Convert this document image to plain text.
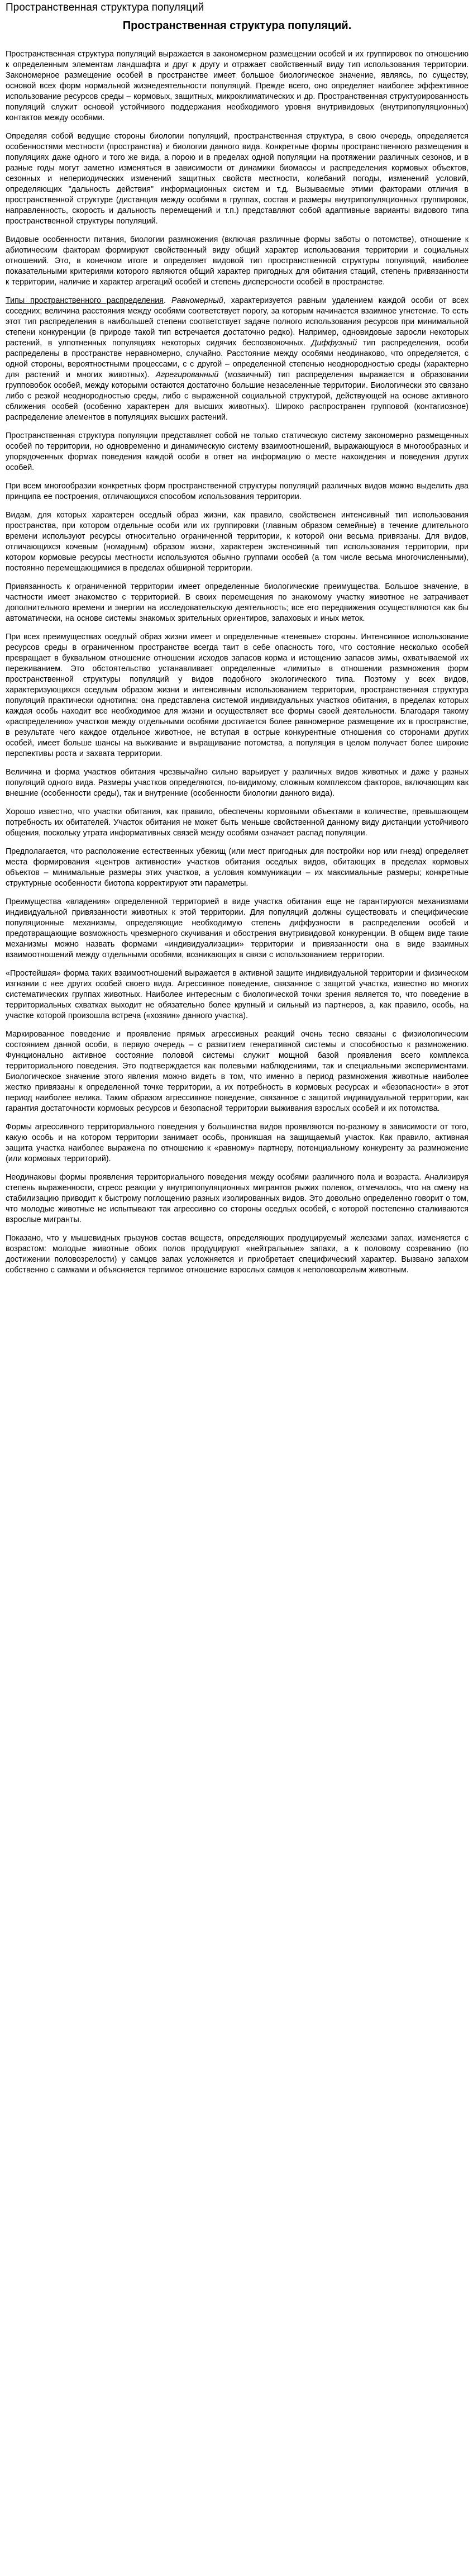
Пространственная структура популяций
Пространственная структура популяций.

Пространственная структура популяций выражается в закономерном размещении особей и их группировок по отношению к определенным элементам ландшафта и друг к другу и отражает свойственный виду тип использования территории. Закономерное размещение особей в пространстве имеет большое биологическое значение, являясь, по существу, основой всех форм нормальной жизнедеятельности популяций. Прежде всего, оно определяет наиболее эффективное использование ресурсов среды – кормовых, защитных, микроклиматических и др. Пространственная структурированность популяций служит основой устойчивого поддержания необходимого уровня внутривидовых (внутрипопуляционных) контактов между особями.

Определяя собой ведущие стороны биологии популяций, пространственная структура, в свою очередь, определяется особенностями местности (пространства) и биологии данного вида. Конкретные формы пространственного размещения в популяциях даже одного и того же вида, а порою и в пределах одной популяции на протяжении различных сезонов, и в разные годы могут заметно изменяться в зависимости от динамики биомассы и распределения кормовых объектов, сезонных и непериодических изменений защитных свойств местности, колебаний погоды, изменений условий, определяющих "дальность действия" информационных систем и т.д. Вызываемые этими факторами отличия в пространственной структуре (дистанция между особями в группах, состав и размеры внутрипопуляционных группировок, направленность, скорость и дальность перемещений и т.п.) представляют собой адаптивные варианты видового типа пространственной структуры популяций.

Видовые особенности питания, биологии размножения (включая различные формы заботы о потомстве), отношение к абиотическим факторам формируют свойственный виду общий характер использования территории и социальных отношений. Это, в конечном итоге и определяет видовой тип пространственной структуры популяций, наиболее показательными критериями которого являются общий характер пригодных для обитания стаций, степень привязанности к территории, наличие и характер агрегаций особей и степень дисперсности особей в пространстве.

Типы пространственного распределения. Равномерный, характеризуется равным удалением каждой особи от всех соседних; величина расстояния между особями соответствует порогу, за которым начинается взаимное угнетение. То есть этот тип распределения в наибольшей степени соответствует задаче полного использования ресурсов при минимальной степени конкуренции (в природе такой тип встречается достаточно редко). Например, одновидовые заросли некоторых растений, в улпотненных популяциях некоторых сидячих беспозвоночных. Диффузный тип распределения, особи распределены в пространстве неравномерно, случайно. Расстояние между особями неодинаково, что определяется, с одной стороны, вероятностными процессами, с с другой – определенной степенью неоднородностью среды (характерно для растений и многих животных). Агрегированный (мозаичный) тип распределения выражается в образовании групповобок особей, между которыми остаются достаточно большие незаселенные территории. Биологически это связано либо с резкой неоднородностью среды, либо с выраженной социальной структурой, действующей на основе активного сближения особей (особенно характерен для высших животных). Широко распространен групповой (контагиозное) распределение элементов в популяциях высших растений.

Пространственная структура популяции представляет собой не только статическую систему закономерно размещенных особей по территории, но одновременно и динамическую систему взаимоотношений, выражающуюся в многообразных и упорядоченных формах поведения каждой особи в ответ на информацию о месте нахождения и поведения других особей.

При всем многообразии конкретных форм пространственной структуры популяций различных видов можно выделить два принципа ее построения, отличающихся способом использования территории.

Видам, для которых характерен оседлый образ жизни, как правило, свойственен интенсивный тип использования пространства, при котором отдельные особи или их группировки (главным образом семейные) в течение длительного времени используют ресурсы относительно ограниченной территории, к которой они весьма привязаны. Для видов, отличающихся кочевым (номадным) образом жизни, характерен экстенсивный тип использования территории, при котором кормовые ресурсы местности используются обычно группами особей (а том числе весьма многочисленными), постоянно перемещающимися в пределах обширной территории.

Привязанность к ограниченной территории имеет определенные биологические преимущества. Большое значение, в частности имеет знакомство с территорией. В своих перемещения по знакомому участку животное не затрачивает дополнительного времени и энергии на исследовательскую деятельность; все его передвижения осуществляются как бы автоматически, на основе системы знакомых зрительных ориентиров, запаховых и иных меток.

При всех преимуществах оседлый образ жизни имеет и определенные «теневые» стороны. Интенсивное использование ресурсов среды в ограниченном пространстве всегда таит в себе опасность того, что состояние несколько особей превращает в буквальном отношение отношении исходов запасов корма и истощению запасов зимы, охватываемой их переживанием. Это обстоятельство устанавливает определенные «лимиты» в отношении размножения форм пространственной структуры популяций у видов подобного экологического типа. Поэтому у всех видов, характеризующихся оседлым образом жизни и интенсивным использованием территории, пространственная структура популяций практически однотипна: она представлена системой индивидуальных участков обитания, в пределах которых каждая особь находит все необходимое для жизни и осуществляет все формы своей деятельности. Благодаря такому «распределению» участков между отдельными особями достигается более равномерное размещение их в пространстве, в результате чего каждое отдельное животное, не вступая в острые конкурентные отношения со сторонами других особей, имеет больше шансы на выживание и выращивание потомства, а популяция в целом получает более широкие перспективы роста и захвата территории.

Величина и форма участков обитания чрезвычайно сильно варьирует у различных видов животных и даже у разных популяций одного вида. Размеры участков определяются, по-видимому, сложным комплексом факторов, включающим как внешние (особенности среды), так и внутренние (особенности биологии данного вида).

Хорошо известно, что участки обитания, как правило, обеспечены кормовыми объектами в количестве, превышающем потребность их обитателей. Участок обитания не может быть меньше свойственной данному виду дистанции устойчивого общения, поскольку утрата информативных связей между особями означает распад популяции.

Предполагается, что расположение естественных убежищ (или мест пригодных для постройки нор или гнезд) определяет места формирования «центров активности» участков обитания оседлых видов, обитающих в пределах кормовых объектов – минимальные размеры этих участков, а условия коммуникации – их максимальные размеры; конкретные структурные особенности биотопа корректируют эти параметры.

Преимущества «владения» определенной территорией в виде участка обитания еще не гарантируются механизмами индивидуальной привязанности животных к этой территории. Для популяций должны существовать и специфические популяционные механизмы, определяющие необходимую степень диффузности в распределении особей и предотвращающие возможность чрезмерного скучивания и обострения внутривидовой конкуренции. В общем виде такие механизмы можно назвать формами «индивидуализации» территории и привязанности она в виде взаимных взаимоотношений между отдельными особями, возникающих в связи с использованием территории.

«Простейшая» форма таких взаимоотношений выражается в активной защите индивидуальной территории и физическом изгнании с нее других особей своего вида. Агрессивное поведение, связанное с защитой участка, известно во многих систематических группах животных. Наиболее интересным с биологической точки зрения является то, что поведение в территориальных схватках выходит не обязательно более крупный и сильный из партнеров, а, как правило, особь, на участке которой произошла встреча («хозяин» данного участка).

Маркированное поведение и проявление прямых агрессивных реакций очень тесно связаны с физиологическим состоянием данной особи, в первую очередь – с развитием генеративной системы и способностью к размножению. Функционально активное состояние половой системы служит мощной базой проявления всего комплекса территориального поведения. Это подтверждается как полевыми наблюдениями, так и специальными экспериментами. Биологическое значение этого явления можно видеть в том, что именно в период размножения животные наиболее жестко привязаны к определенной точке территории, а их потребность в кормовых ресурсах и «безопасности» в этот период наиболее велика. Таким образом агрессивное поведение, связанное с защитой индивидуальной территории, как гарантия достаточности кормовых ресурсов и безопасной территории выживания взрослых особей и их потомства.

Формы агрессивного территориального поведения у большинства видов проявляются по-разному в зависимости от того, какую особь и на котором территории занимает особь, проникшая на защищаемый участок. Как правило, активная защита участка наиболее выражена по отношению к «равному» партнеру, потенциальному конкуренту за размножение (или кормовых территорий).

Неодинаковы формы проявления территориального поведения между особями различного пола и возраста. Анализируя степень выраженности, стресс реакции у внутрипопуляционных мигрантов рыжих полевок, отмечалось, что на смену на стабилизацию приводит к быстрому поглощению разных изолированных видов. Это довольно определенно говорит о том, что молодые животные не испытывают так агрессивно со стороны оседлых особей, с которой постепенно сталкиваются взрослые мигранты.

Показано, что у мышевидных грызунов состав веществ, определяющих продуцируемый железами запах, изменяется с возрастом: молодые животные обоих полов продуцируют «нейтральные» запахи, а к половому созреванию (по достижении половозрелости) у самцов запах усложняется и приобретает специфический характер. Вызвано запахом собственно с самками и объясняется терпимое отношение взрослых самцов к неполовозрелым животным.
